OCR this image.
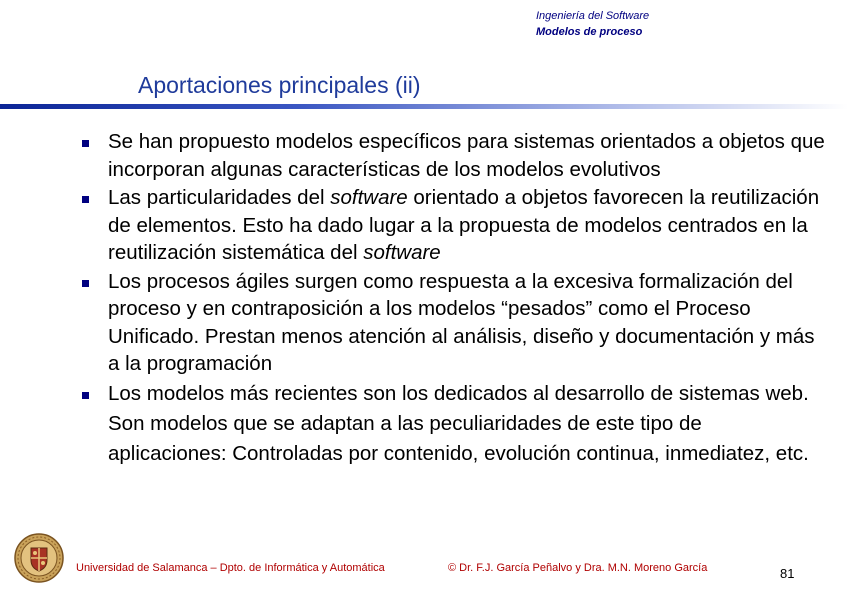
Ingeniería del Software
Modelos de proceso
Aportaciones principales (ii)
Se han propuesto modelos específicos para sistemas orientados a objetos que incorporan algunas características de los modelos evolutivos
Las particularidades del software orientado a objetos favorecen la reutilización de elementos. Esto ha dado lugar a la propuesta de modelos centrados en la reutilización sistemática del software
Los procesos ágiles surgen como respuesta a la excesiva formalización del proceso y en contraposición a los modelos “pesados” como el Proceso Unificado. Prestan menos atención al análisis, diseño y documentación y más a la programación
Los modelos más recientes son los dedicados al desarrollo de sistemas web. Son modelos que se adaptan a las peculiaridades de este tipo de aplicaciones: Controladas por contenido, evolución continua, inmediatez, etc.
Universidad de Salamanca – Dpto. de Informática y Automática	© Dr. F.J. García Peñalvo y Dra. M.N. Moreno García	81
